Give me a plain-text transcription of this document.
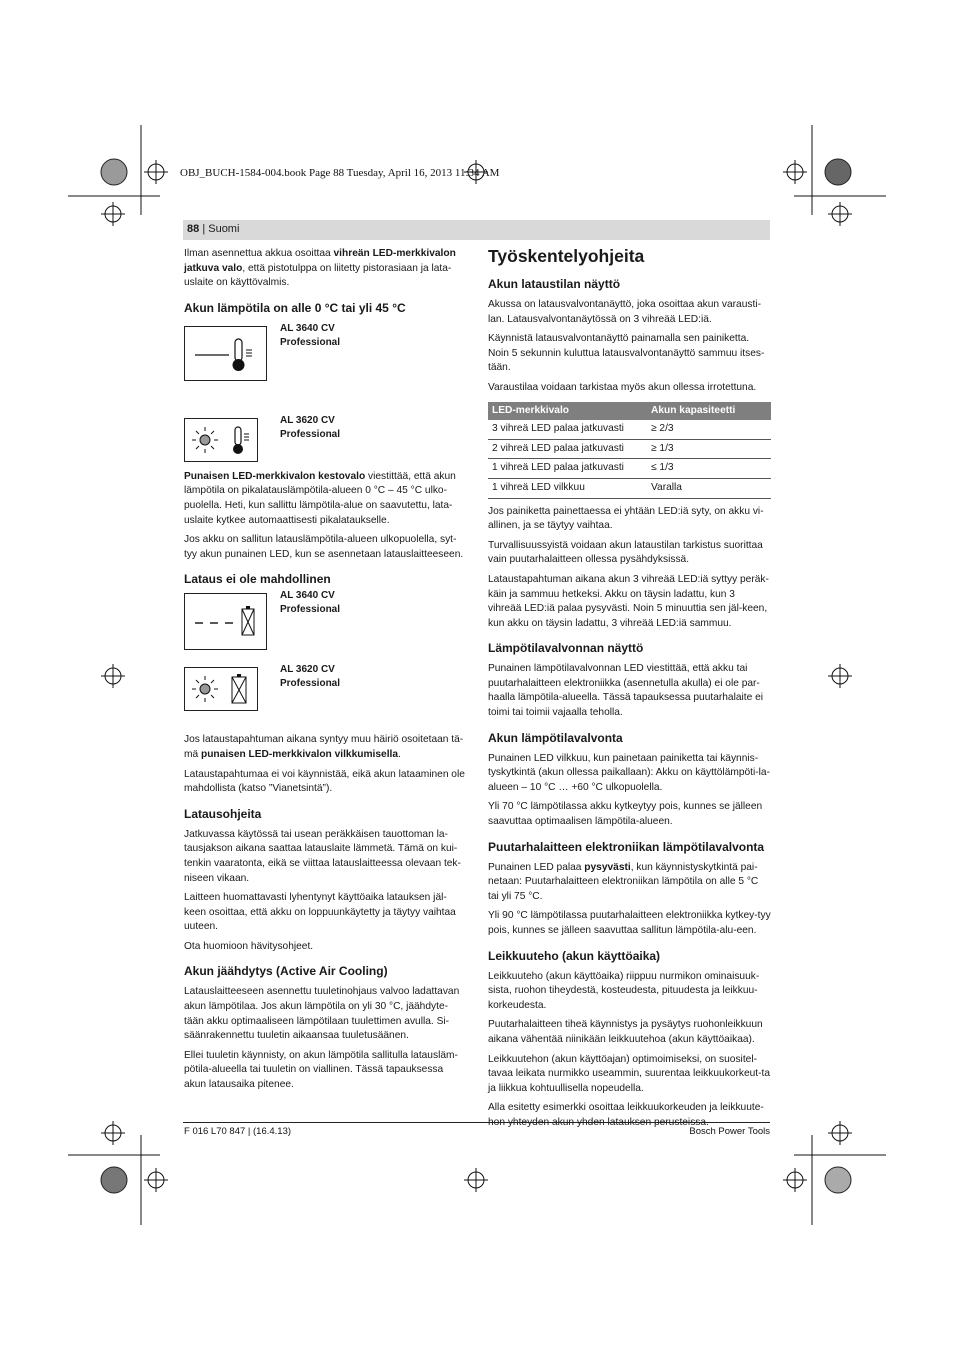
OBJ_BUCH-1584-004.book Page 88 Tuesday, April 16, 2013 11:34 AM
88 | Suomi

Ilman asennettua akkua osoittaa vihreän LED-merkkivalon jatkuva valo, että pistotulppa on liitetty pistorasiaan ja lata-uslaite on käyttövalmis.

Akun lämpötila on alle 0 °C tai yli 45 °C
AL 3640 CV
Professional
AL 3620 CV
Professional

Punaisen LED-merkkivalon kestovalo viestittää, että akun lämpötila on pikalatauslämpötila-alueen 0 °C – 45 °C ulko-puolella. Heti, kun sallittu lämpötila-alue on saavutettu, lata-uslaite kytkee automaattisesti pikalataukselle.

Jos akku on sallitun latauslämpötila-alueen ulkopuolella, syt-tyy akun punainen LED, kun se asennetaan latauslaitteeseen.

Lataus ei ole mahdollinen
AL 3640 CV
Professional
AL 3620 CV
Professional

Jos lataustapahtuman aikana syntyy muu häiriö osoitetaan tä-mä punaisen LED-merkkivalon vilkkumisella.

Lataustapahtumaa ei voi käynnistää, eikä akun lataaminen ole mahdollista (katso ”Vianetsintä”).

Latausohjeita

Jatkuvassa käytössä tai usean peräkkäisen tauottoman la-tausjakson aikana saattaa latauslaite lämmetä. Tämä on kui-tenkin vaaratonta, eikä se viittaa latauslaitteessa olevaan tek-niseen vikaan.

Laitteen huomattavasti lyhentynyt käyttöaika latauksen jäl-keen osoittaa, että akku on loppuunkäytetty ja täytyy vaihtaa uuteen.

Ota huomioon hävitysohjeet.

Akun jäähdytys (Active Air Cooling)

Latauslaitteeseen asennettu tuuletinohjaus valvoo ladattavan akun lämpötilaa. Jos akun lämpötila on yli 30 °C, jäähdyte-tään akku optimaaliseen lämpötilaan tuulettimen avulla. Si-säänrakennettu tuuletin aikaansaa tuuletusäänen.

Ellei tuuletin käynnisty, on akun lämpötila sallitulla latausläm-pötila-alueella tai tuuletin on viallinen. Tässä tapauksessa akun latausaika pitenee.

Työskentelyohjeita
Akun lataustilan näyttö

Akussa on latausvalvontanäyttö, joka osoittaa akun varausti-lan. Latausvalvontanäytössä on 3 vihreää LED:iä.

Käynnistä latausvalvontanäyttö painamalla sen painiketta. Noin 5 sekunnin kuluttua latausvalvontanäyttö sammuu itses-tään.

Varaustilaa voidaan tarkistaa myös akun ollessa irrotettuna.

LED-merkkivalo	Akun kapasiteetti
3 vihreä LED palaa jatkuvasti	≥ 2/3
2 vihreä LED palaa jatkuvasti	≥ 1/3
1 vihreä LED palaa jatkuvasti	≤ 1/3
1 vihreä LED vilkkuu	Varalla

Jos painiketta painettaessa ei yhtään LED:iä syty, on akku vi-allinen, ja se täytyy vaihtaa.

Turvallisuussyistä voidaan akun lataustilan tarkistus suorittaa vain puutarhalaitteen ollessa pysähdyksissä.

Lataustapahtuman aikana akun 3 vihreää LED:iä syttyy peräk-käin ja sammuu hetkeksi. Akku on täysin ladattu, kun 3 vihreää LED:iä palaa pysyvästi. Noin 5 minuuttia sen jäl-keen, kun akku on täysin ladattu, 3 vihreää LED:iä sammuu.

Lämpötilavalvonnan näyttö

Punainen lämpötilavalvonnan LED viestittää, että akku tai puutarhalaitteen elektroniikka (asennetulla akulla) ei ole par-haalla lämpötila-alueella. Tässä tapauksessa puutarhalaite ei toimi tai toimii vajaalla teholla.

Akun lämpötilavalvonta

Punainen LED vilkkuu, kun painetaan painiketta tai käynnis-tyskytkintä (akun ollessa paikallaan): Akku on käyttölämpöti-la-alueen – 10 °C … +60 °C ulkopuolella.

Yli 70 °C lämpötilassa akku kytkeytyy pois, kunnes se jälleen saavuttaa optimaalisen lämpötila-alueen.

Puutarhalaitteen elektroniikan lämpötilavalvonta

Punainen LED palaa pysyvästi, kun käynnistyskytkintä pai-netaan: Puutarhalaitteen elektroniikan lämpötila on alle 5 °C tai yli 75 °C.

Yli 90 °C lämpötilassa puutarhalaitteen elektroniikka kytkey-tyy pois, kunnes se jälleen saavuttaa sallitun lämpötila-alu-een.

Leikkuuteho (akun käyttöaika)

Leikkuuteho (akun käyttöaika) riippuu nurmikon ominaisuuk-sista, ruohon tiheydestä, kosteudesta, pituudesta ja leikkuu-korkeudesta.

Puutarhalaitteen tiheä käynnistys ja pysäytys ruohonleikkuun aikana vähentää niinikään leikkuutehoa (akun käyttöaikaa).

Leikkuutehon (akun käyttöajan) optimoimiseksi, on suositel-tavaa leikata nurmikko useammin, suurentaa leikkuukorkeut-ta ja liikkua kohtuullisella nopeudella.

Alla esitetty esimerkki osoittaa leikkuukorkeuden ja leikkuute-

F 016 L70 847 | (16.4.13)	Bosch Power Tools
